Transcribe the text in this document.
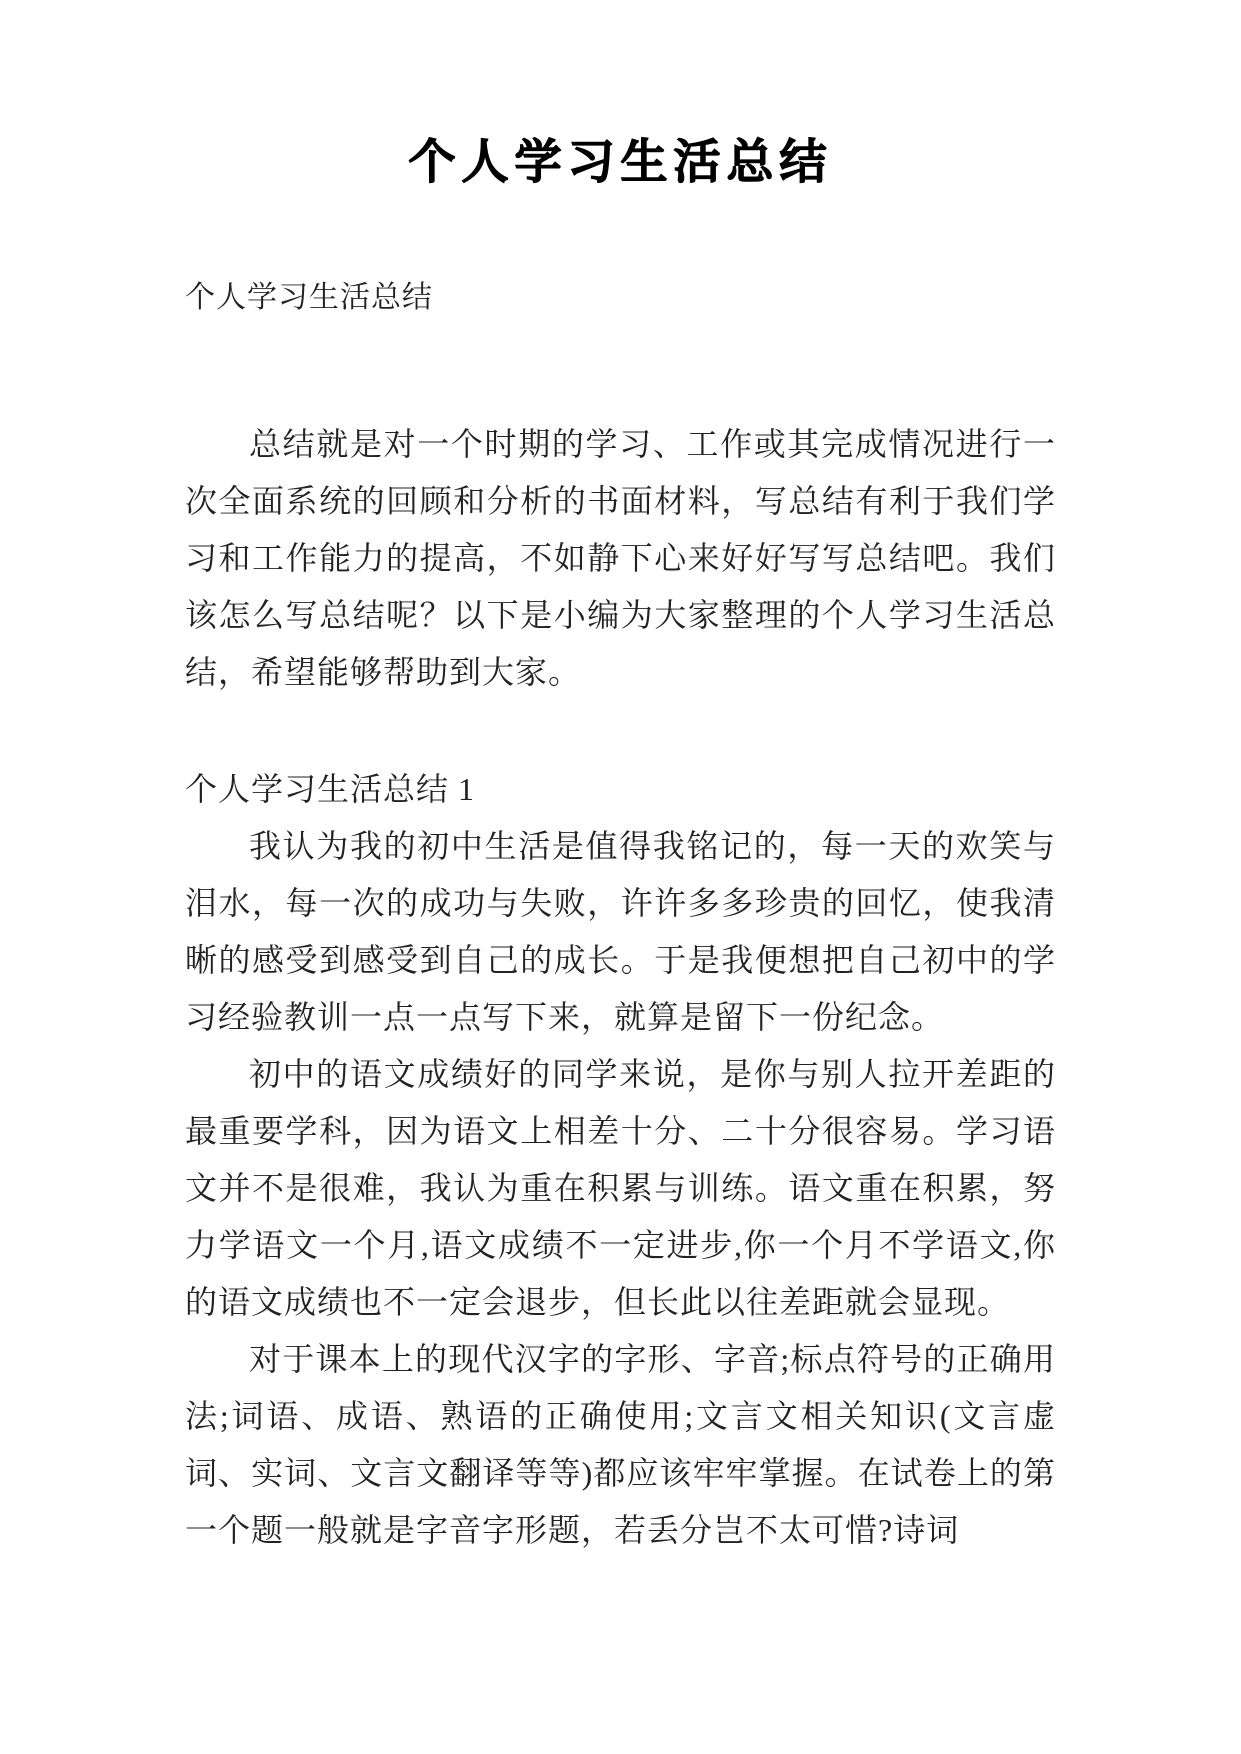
个人学习生活总结
个人学习生活总结

总结就是对一个时期的学习、工作或其完成情况进行一次全面系统的回顾和分析的书面材料，写总结有利于我们学习和工作能力的提高，不如静下心来好好写写总结吧。我们该怎么写总结呢？以下是小编为大家整理的个人学习生活总结，希望能够帮助到大家。

个人学习生活总结 1

我认为我的初中生活是值得我铭记的，每一天的欢笑与泪水，每一次的成功与失败，许许多多珍贵的回忆，使我清晰的感受到感受到自己的成长。于是我便想把自己初中的学习经验教训一点一点写下来，就算是留下一份纪念。

初中的语文成绩好的同学来说，是你与别人拉开差距的最重要学科，因为语文上相差十分、二十分很容易。学习语文并不是很难，我认为重在积累与训练。语文重在积累，努力学语文一个月,语文成绩不一定进步,你一个月不学语文,你的语文成绩也不一定会退步，但长此以往差距就会显现。

对于课本上的现代汉字的字形、字音;标点符号的正确用法;词语、成语、熟语的正确使用;文言文相关知识(文言虚词、实词、文言文翻译等等)都应该牢牢掌握。在试卷上的第一个题一般就是字音字形题，若丢分岂不太可惜?诗词
